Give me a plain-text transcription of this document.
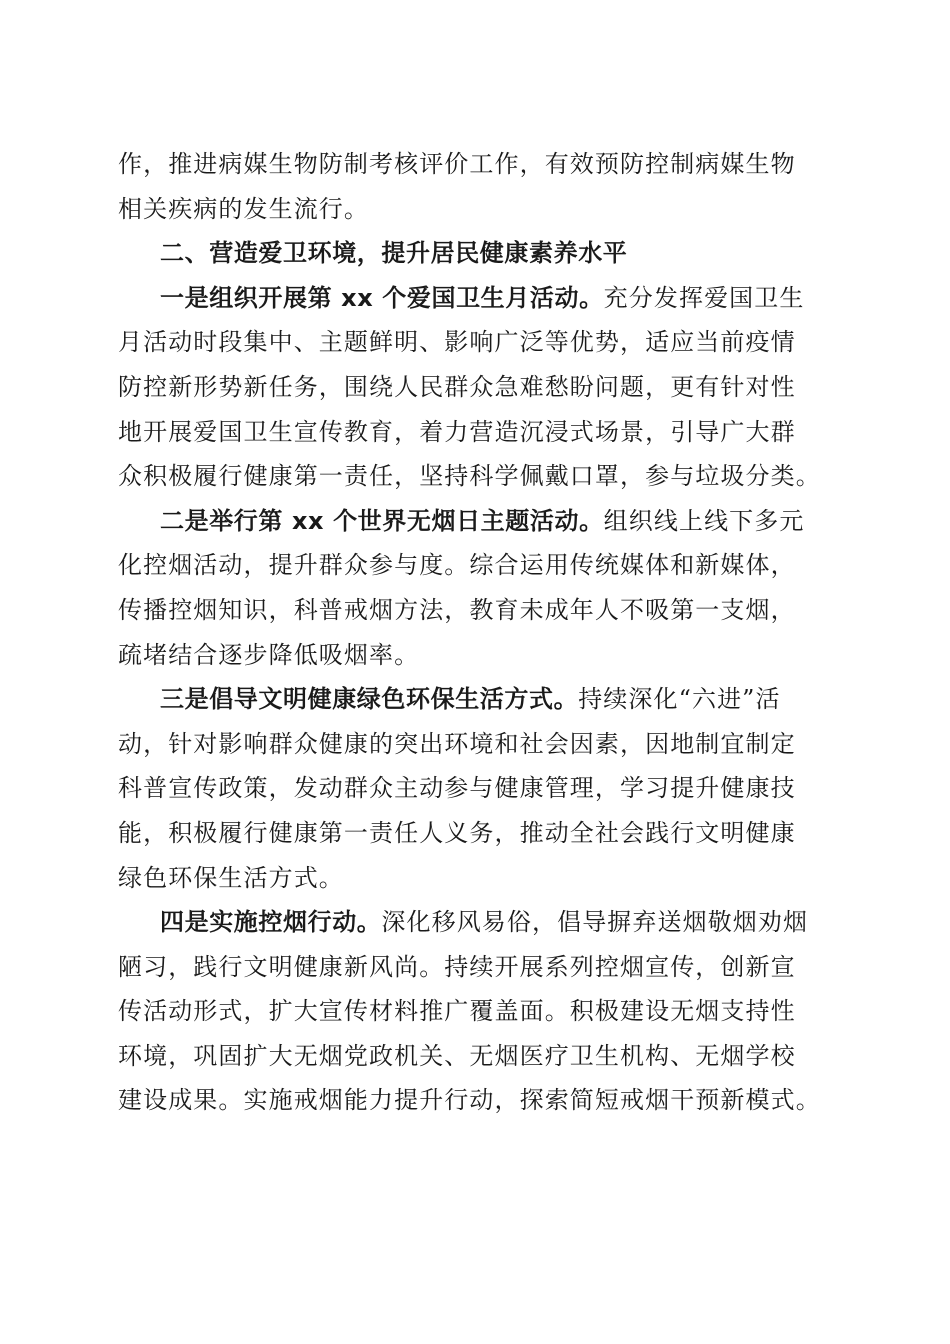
作，推进病媒生物防制考核评价工作，有效预防控制病媒生物
相关疾病的发生流行。
二、营造爱卫环境，提升居民健康素养水平
一是组织开展第 xx 个爱国卫生月活动。充分发挥爱国卫生
月活动时段集中、主题鲜明、影响广泛等优势，适应当前疫情
防控新形势新任务，围绕人民群众急难愁盼问题，更有针对性
地开展爱国卫生宣传教育，着力营造沉浸式场景，引导广大群
众积极履行健康第一责任，坚持科学佩戴口罩，参与垃圾分类。
二是举行第 xx 个世界无烟日主题活动。组织线上线下多元
化控烟活动，提升群众参与度。综合运用传统媒体和新媒体，
传播控烟知识，科普戒烟方法，教育未成年人不吸第一支烟，
疏堵结合逐步降低吸烟率。
三是倡导文明健康绿色环保生活方式。持续深化“六进”活
动，针对影响群众健康的突出环境和社会因素，因地制宜制定
科普宣传政策，发动群众主动参与健康管理，学习提升健康技
能，积极履行健康第一责任人义务，推动全社会践行文明健康
绿色环保生活方式。
四是实施控烟行动。深化移风易俗，倡导摒弃送烟敬烟劝烟
陋习，践行文明健康新风尚。持续开展系列控烟宣传，创新宣
传活动形式，扩大宣传材料推广覆盖面。积极建设无烟支持性
环境，巩固扩大无烟党政机关、无烟医疗卫生机构、无烟学校
建设成果。实施戒烟能力提升行动，探索简短戒烟干预新模式。
